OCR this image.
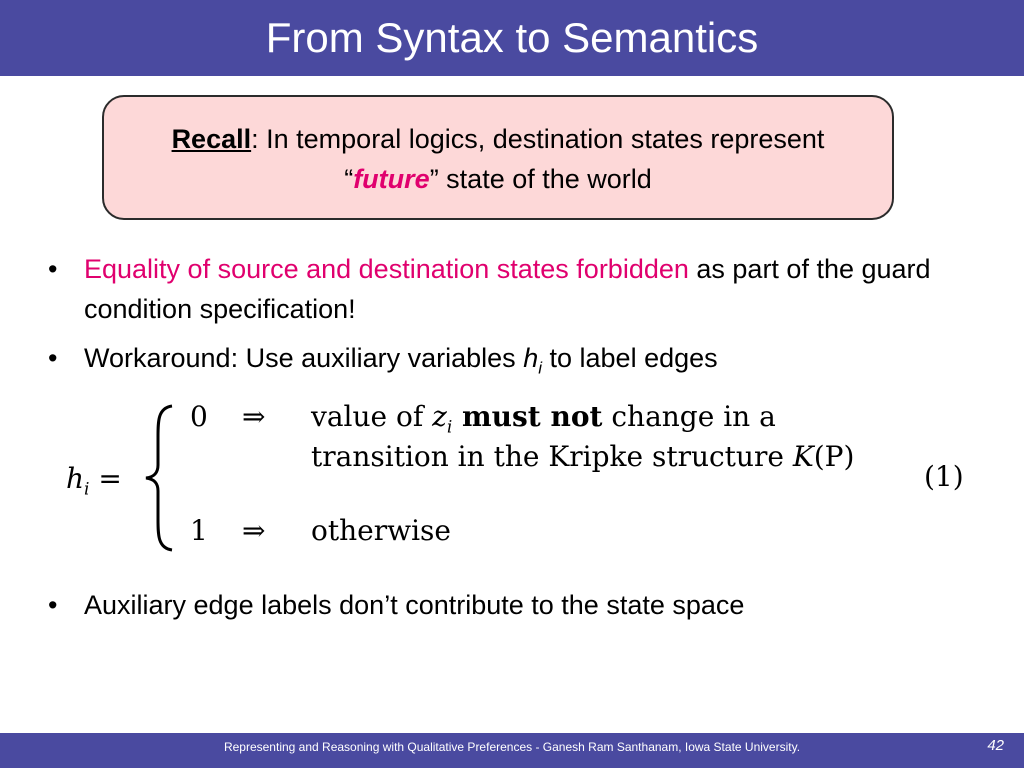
From Syntax to Semantics
Recall: In temporal logics, destination states represent
“future” state of the world
• Equality of source and destination states forbidden as part of the guard condition specification!
• Workaround: Use auxiliary variables $h_i$ to label edges
$h_i$ =
0 ⇒ value of $z_i$ must not change in a
transition in the Kripke structure K(P)
1 ⇒ otherwise
(1)
• Auxiliary edge labels don’t contribute to the state space
Representing and Reasoning with Qualitative Preferences - Ganesh Ram Santhanam, Iowa State University.	42
